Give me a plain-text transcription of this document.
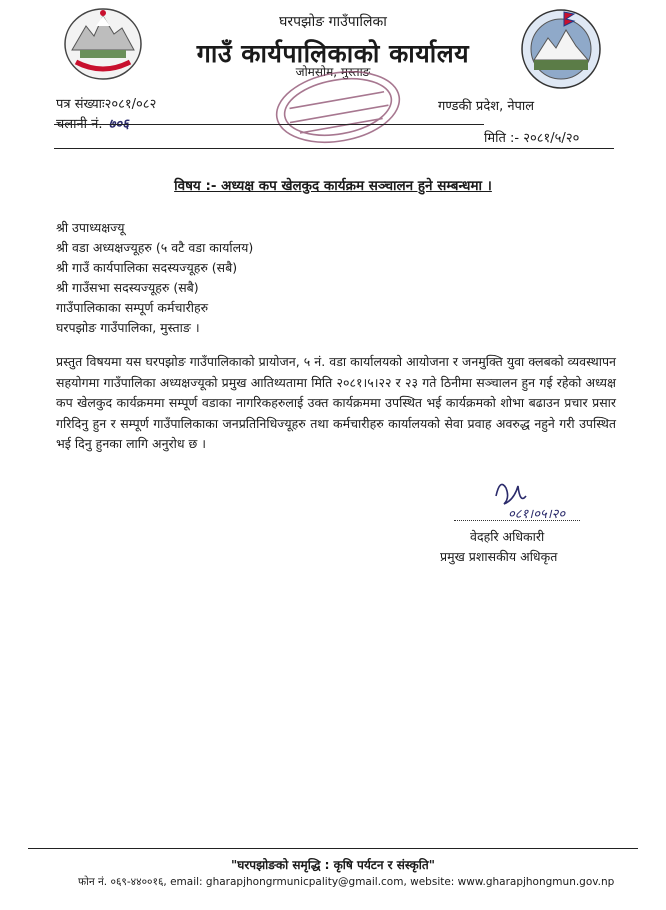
घरपझोङ गाउँपालिका
गाउँ कार्यपालिकाको कार्यालय
जोमसोम, मुस्ताङ
पत्र संख्याः२०८१/०८२
चलानी नं. ७०६
गण्डकी प्रदेश, नेपाल
मिति :- २०८१/५/२०
विषय :- अध्यक्ष कप खेलकुद कार्यक्रम सञ्चालन हुने सम्बन्धमा ।
श्री उपाध्यक्षज्यू
श्री वडा अध्यक्षज्यूहरु (५ वटै वडा कार्यालय)
श्री गाउँ कार्यपालिका सदस्यज्यूहरु (सबै)
श्री गाउँसभा सदस्यज्यूहरु (सबै)
गाउँपालिकाका सम्पूर्ण कर्मचारीहरु
घरपझोङ गाउँपालिका, मुस्ताङ ।
प्रस्तुत विषयमा यस घरपझोङ गाउँपालिकाको प्रायोजन, ५ नं. वडा कार्यालयको आयोजना र जनमुक्ति युवा क्लबको व्यवस्थापन सहयोगमा गाउँपालिका अध्यक्षज्यूको प्रमुख आतिथ्यतामा मिति २०८१।५।२२ र २३ गते ठिनीमा सञ्चालन हुन गई रहेको अध्यक्ष कप खेलकुद कार्यक्रममा सम्पूर्ण वडाका नागरिकहरुलाई उक्त कार्यक्रममा उपस्थित भई कार्यक्रमको शोभा बढाउन प्रचार प्रसार गरिदिनु हुन र सम्पूर्ण गाउँपालिकाका जनप्रतिनिधिज्यूहरु तथा कर्मचारीहरु कार्यालयको सेवा प्रवाह अवरुद्ध नहुने गरी उपस्थित भई दिनु हुनका लागि अनुरोध छ ।
०८१।०५।२०
वेदहरि अधिकारी
प्रमुख प्रशासकीय अधिकृत
"घरपझोङको समृद्धि : कृषि पर्यटन र संस्कृति"
फोन नं. ०६९-४४००१६, email: gharapjhongrmunicpality@gmail.com, website: www.gharapjhongmun.gov.np
